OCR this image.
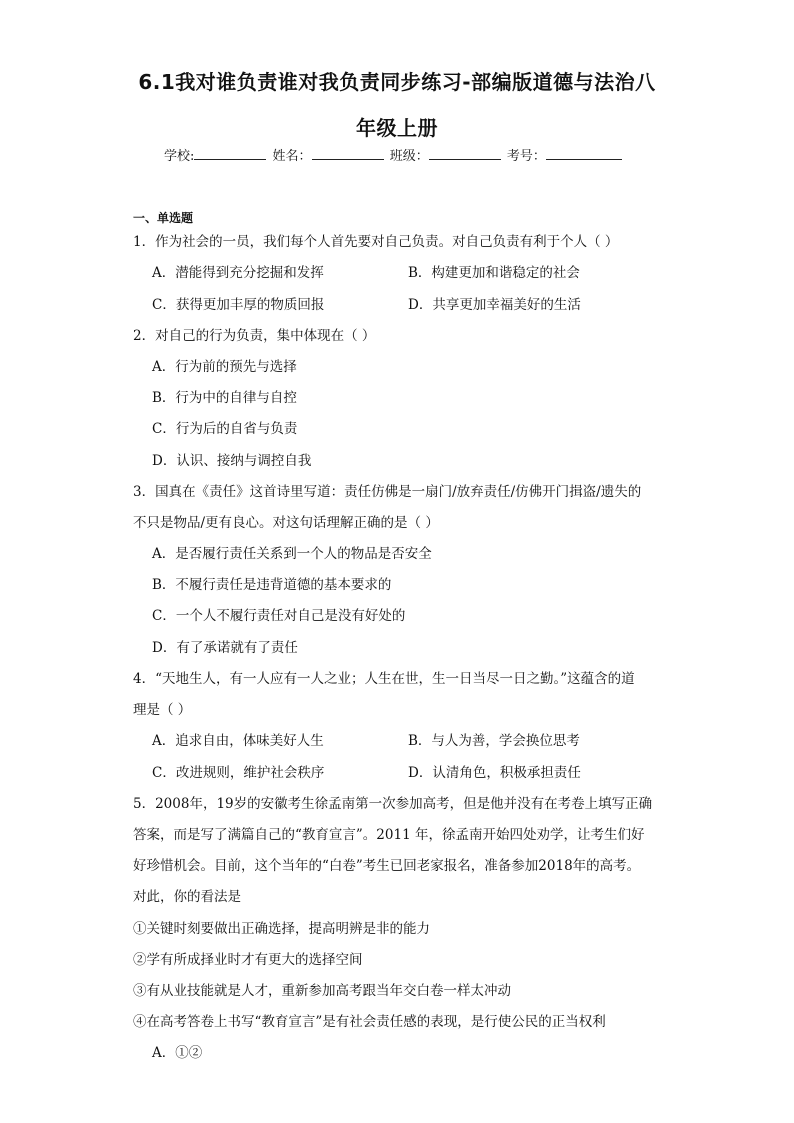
6.1我对谁负责谁对我负责同步练习-部编版道德与法治八
年级上册
学校:	姓名：	班级：	考号：
一、单选题
1．作为社会的一员，我们每个人首先要对自己负责。对自己负责有利于个人（ ）
A．潜能得到充分挖掘和发挥	B．构建更加和谐稳定的社会
C．获得更加丰厚的物质回报	D．共享更加幸福美好的生活
2．对自己的行为负责，集中体现在（ ）
A．行为前的预先与选择
B．行为中的自律与自控
C．行为后的自省与负责
D．认识、接纳与调控自我
3．国真在《责任》这首诗里写道：责任仿佛是一扇门/放弃责任/仿佛开门揖盗/遗失的
不只是物品/更有良心。对这句话理解正确的是（ ）
A．是否履行责任关系到一个人的物品是否安全
B．不履行责任是违背道德的基本要求的
C．一个人不履行责任对自己是没有好处的
D．有了承诺就有了责任
4．“天地生人，有一人应有一人之业；人生在世，生一日当尽一日之勤。”这蕴含的道
理是（ ）
A．追求自由，体味美好人生	B．与人为善，学会换位思考
C．改进规则，维护社会秩序	D．认清角色，积极承担责任
5．2008年，19岁的安徽考生徐孟南第一次参加高考，但是他并没有在考卷上填写正确
答案，而是写了满篇自己的“教育宣言”。2011 年，徐孟南开始四处劝学，让考生们好
好珍惜机会。目前，这个当年的“白卷”考生已回老家报名，准备参加2018年的高考。
对此，你的看法是
①关键时刻要做出正确选择，提高明辨是非的能力
②学有所成择业时才有更大的选择空间
③有从业技能就是人才，重新参加高考跟当年交白卷一样太冲动
④在高考答卷上书写“教育宣言”是有社会责任感的表现，是行使公民的正当权利
A．①②
